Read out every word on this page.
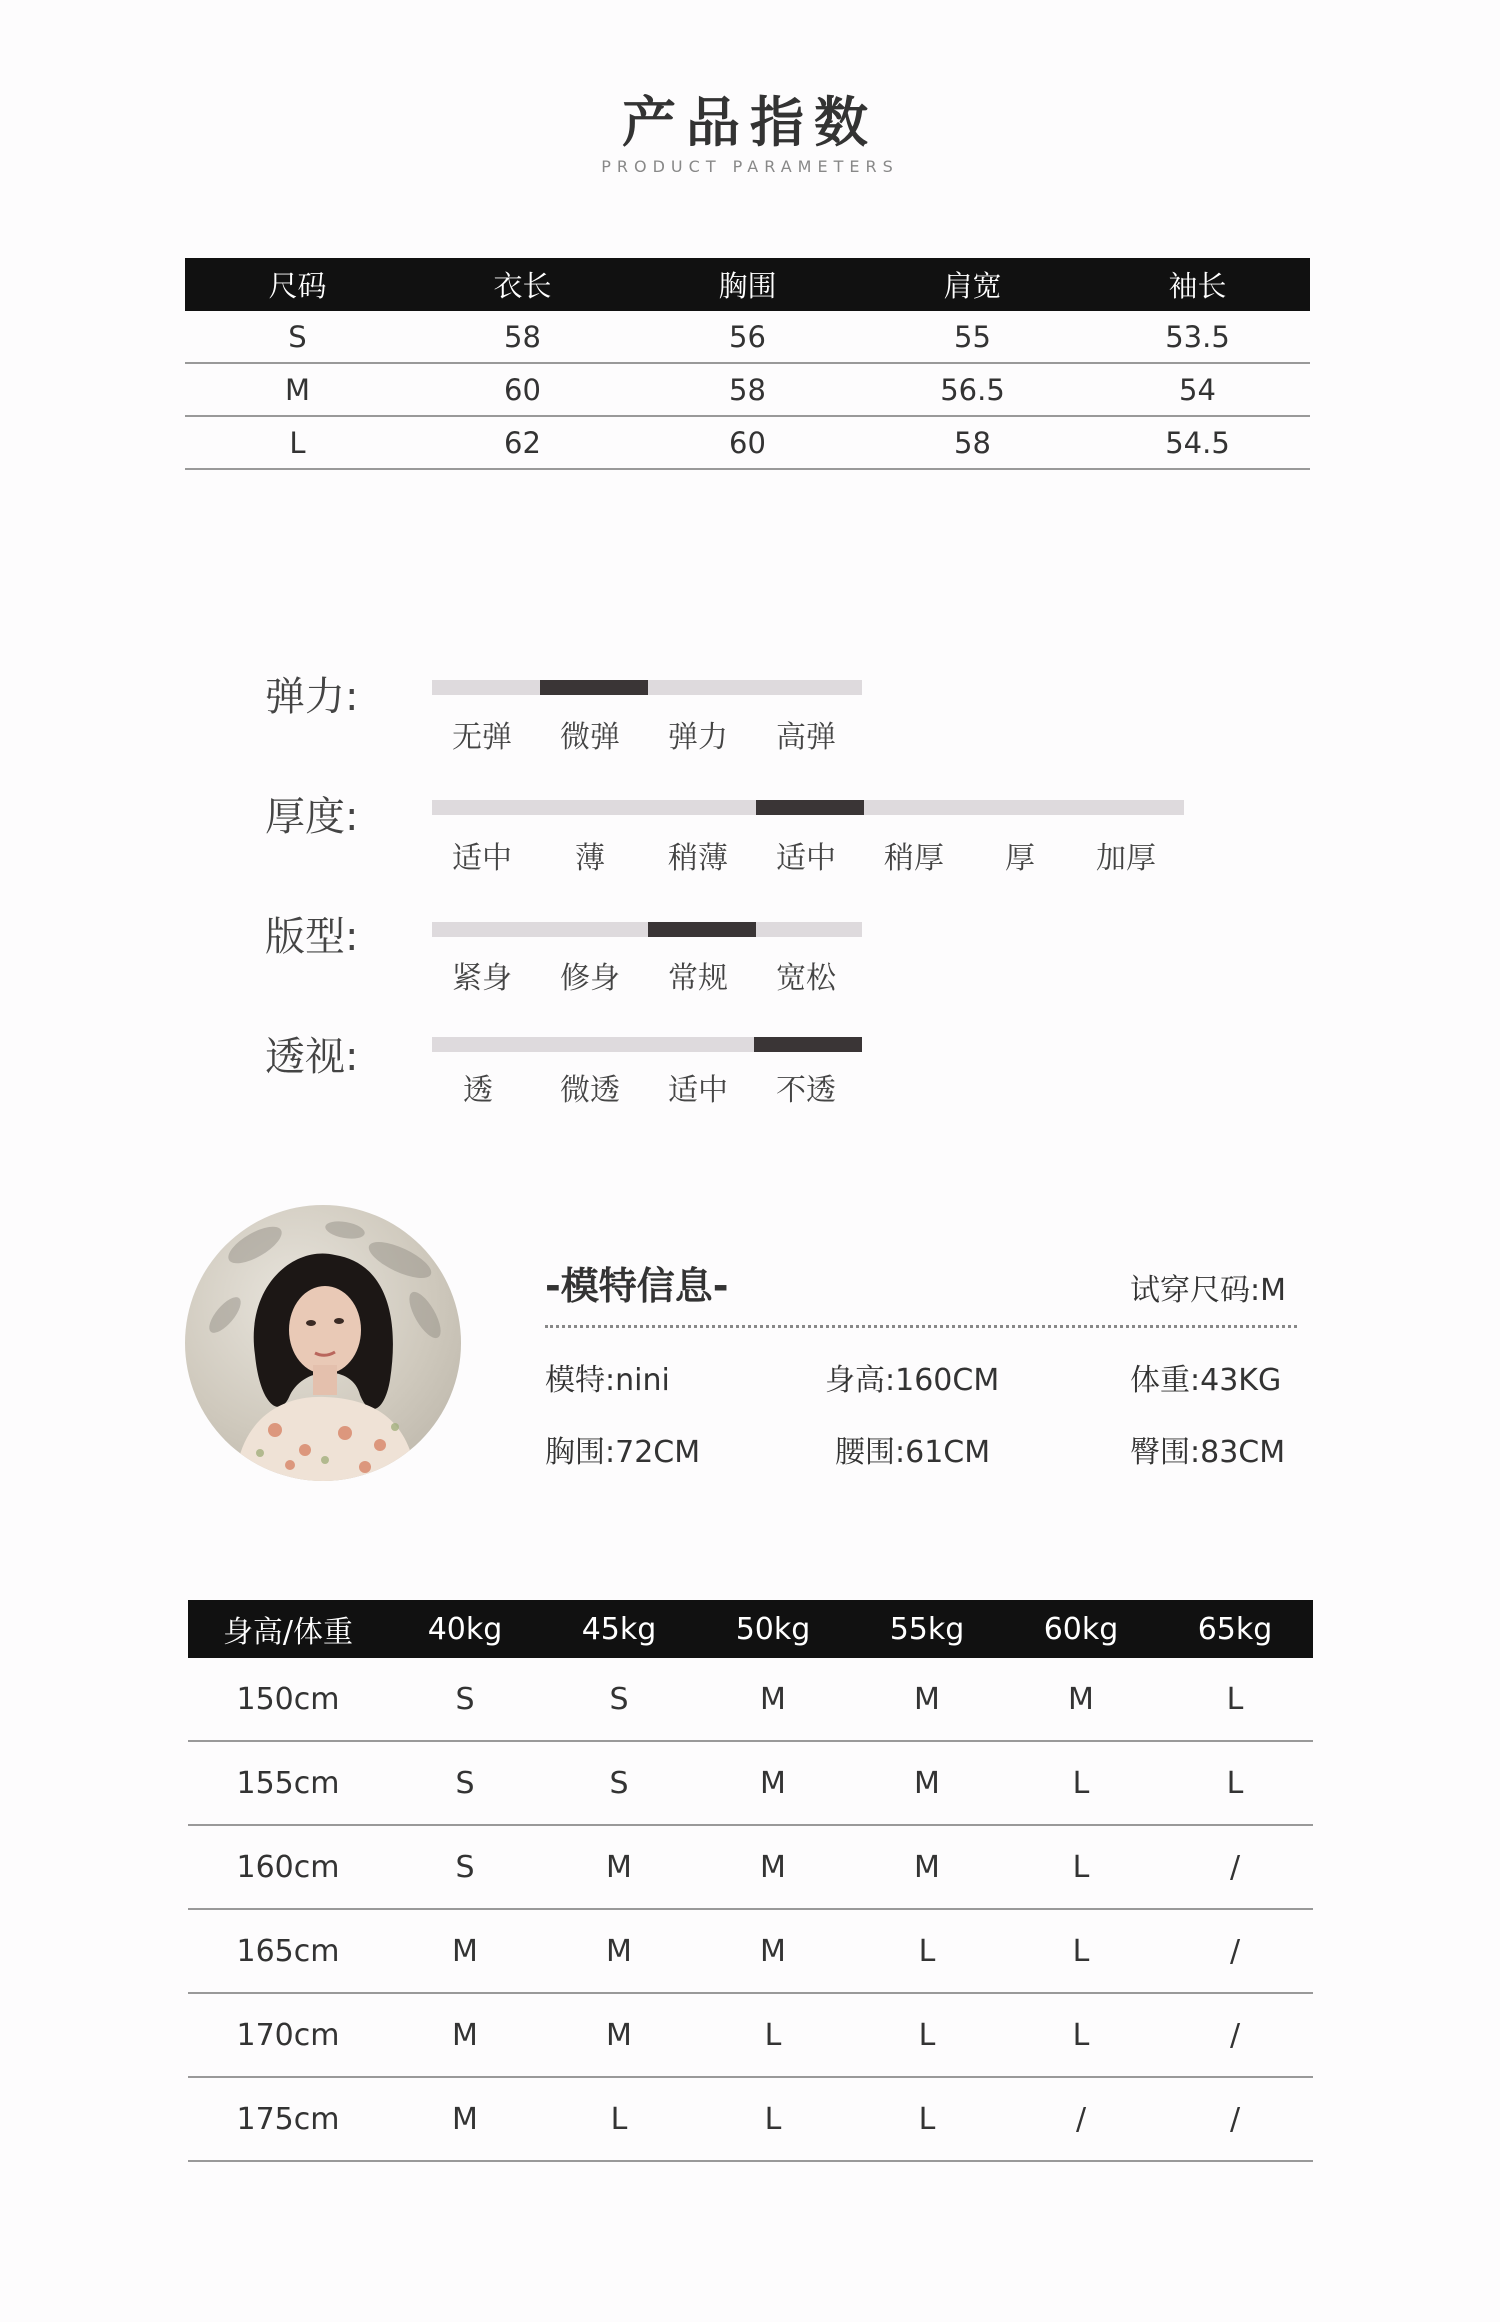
产品指数
PRODUCT PARAMETERS
尺码	衣长	胸围	肩宽	袖长
S	58	56	55	53.5
M	60	58	56.5	54
L	62	60	58	54.5
弹力:
无弹	微弹	弹力	高弹
厚度:
适中	薄	稍薄	适中	稍厚	厚	加厚
版型:
紧身	修身	常规	宽松
透视:
透	微透	适中	不透
-模特信息-	试穿尺码:M
模特:nini	身高:160CM	体重:43KG
胸围:72CM	腰围:61CM	臀围:83CM
身高/体重	40kg	45kg	50kg	55kg	60kg	65kg
150cm	S	S	M	M	M	L
155cm	S	S	M	M	L	L
160cm	S	M	M	M	L	/
165cm	M	M	M	L	L	/
170cm	M	M	L	L	L	/
175cm	M	L	L	L	/	/
